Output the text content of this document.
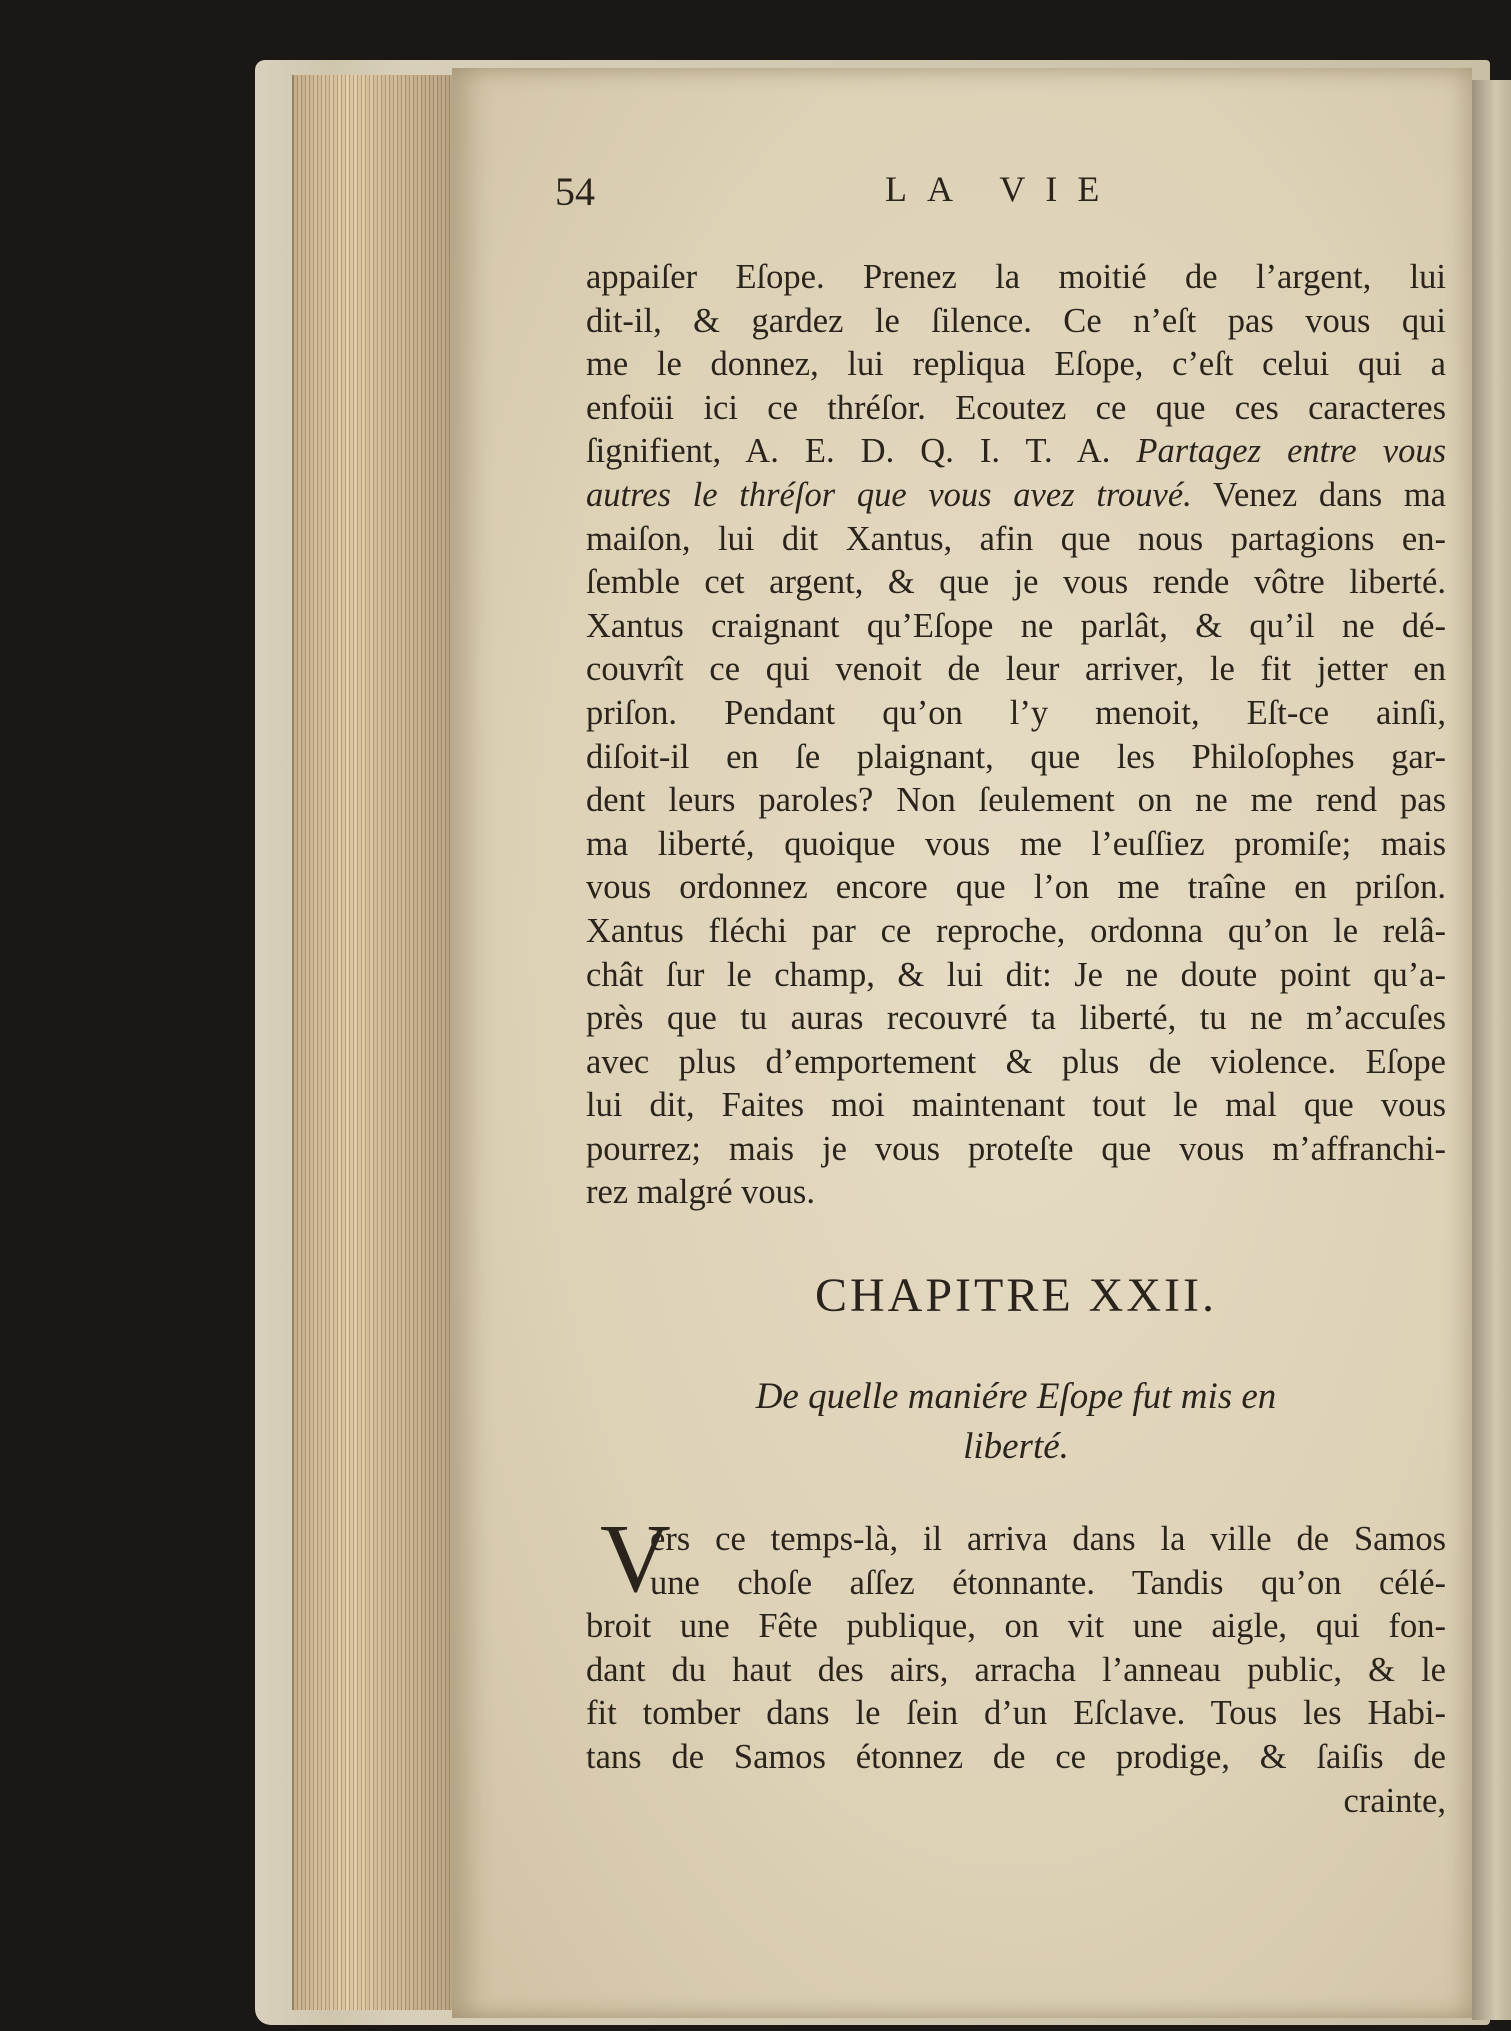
54	LA VIE
appaiſer Eſope. Prenez la moitié de l’argent, lui
dit-il, & gardez le ſilence. Ce n’eſt pas vous qui
me le donnez, lui repliqua Eſope, c’eſt celui qui a
enfoüi ici ce thréſor. Ecoutez ce que ces caracteres
ſignifient, A. E. D. Q. I. T. A. Partagez entre vous
autres le thréſor que vous avez trouvé. Venez dans ma
maiſon, lui dit Xantus, afin que nous partagions en-
ſemble cet argent, & que je vous rende vôtre liberté.
Xantus craignant qu’Eſope ne parlât, & qu’il ne dé-
couvrît ce qui venoit de leur arriver, le fit jetter en
priſon. Pendant qu’on l’y menoit, Eſt-ce ainſi,
diſoit-il en ſe plaignant, que les Philoſophes gar-
dent leurs paroles? Non ſeulement on ne me rend pas
ma liberté, quoique vous me l’euſſiez promiſe; mais
vous ordonnez encore que l’on me traîne en priſon.
Xantus fléchi par ce reproche, ordonna qu’on le relâ-
chât ſur le champ, & lui dit: Je ne doute point qu’a-
près que tu auras recouvré ta liberté, tu ne m’accuſes
avec plus d’emportement & plus de violence. Eſope
lui dit, Faites moi maintenant tout le mal que vous
pourrez; mais je vous proteſte que vous m’affranchi-
rez malgré vous.
CHAPITRE XXII.
De quelle maniére Eſope fut mis en
liberté.
V
ers ce temps-là, il arriva dans la ville de Samos
une choſe aſſez étonnante. Tandis qu’on célé-
broit une Fête publique, on vit une aigle, qui fon-
dant du haut des airs, arracha l’anneau public, & le
fit tomber dans le ſein d’un Eſclave. Tous les Habi-
tans de Samos étonnez de ce prodige, & ſaiſis de
crainte,
